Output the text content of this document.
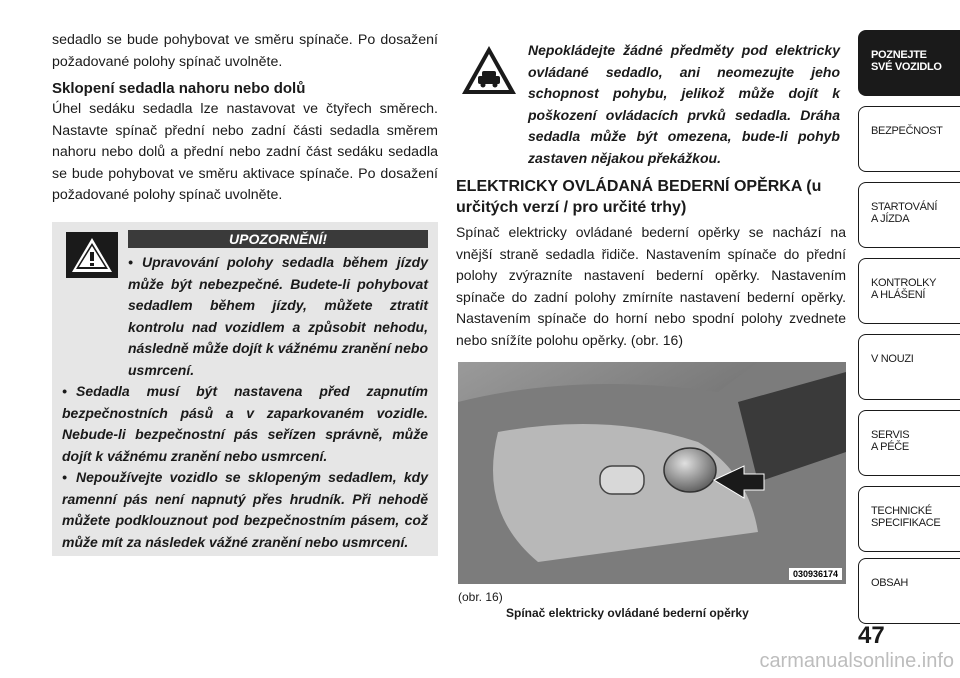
sedadlo se bude pohybovat ve směru spínače. Po dosažení požadované polohy spínač uvolněte.

Sklopení sedadla nahoru nebo dolů

Úhel sedáku sedadla lze nastavovat ve čtyřech směrech. Nastavte spínač přední nebo zadní části sedadla směrem nahoru nebo dolů a přední nebo zadní část sedáku sedadla se bude pohybovat ve směru aktivace spínače. Po dosažení požadované polohy spínač uvolněte.

UPOZORNĚNÍ!

• Upravování polohy sedadla během jízdy může být nebezpečné. Budete-li pohybovat sedadlem během jízdy, můžete ztratit kontrolu nad vozidlem a způsobit nehodu, následně může dojít k vážnému zranění nebo usmrcení.

• Sedadla musí být nastavena před zapnutím bezpečnostních pásů a v zaparkovaném vozidle. Nebude-li bezpečnostní pás seřízen správně, může dojít k vážnému zranění nebo usmrcení.

• Nepoužívejte vozidlo se sklopeným sedadlem, kdy ramenní pás není napnutý přes hrudník. Při nehodě můžete podklouznout pod bezpečnostním pásem, což může mít za následek vážné zranění nebo usmrcení.

Nepokládejte žádné předměty pod elektricky ovládané sedadlo, ani neomezujte jeho schopnost pohybu, jelikož může dojít k poškození ovládacích prvků sedadla. Dráha sedadla může být omezena, bude-li pohyb zastaven nějakou překážkou.

ELEKTRICKY OVLÁDANÁ BEDERNÍ OPĚRKA (u určitých verzí / pro určité trhy)
Spínač elektricky ovládané bederní opěrky se nachází na vnější straně sedadla řidiče. Nastavením spínače do přední polohy zvýrazníte nastavení bederní opěrky. Nastavením spínače do zadní polohy zmírníte nastavení bederní opěrky. Nastavením spínače do horní nebo spodní polohy zvednete nebo snížíte polohu opěrky. (obr. 16)
030936174
(obr. 16)
Spínač elektricky ovládané bederní opěrky
POZNEJTE
SVÉ VOZIDLO
BEZPEČNOST
STARTOVÁNÍ
A JÍZDA
KONTROLKY
A HLÁŠENÍ
V NOUZI
SERVIS
A PÉČE
TECHNICKÉ
SPECIFIKACE
OBSAH
47
carmanualsonline.info
